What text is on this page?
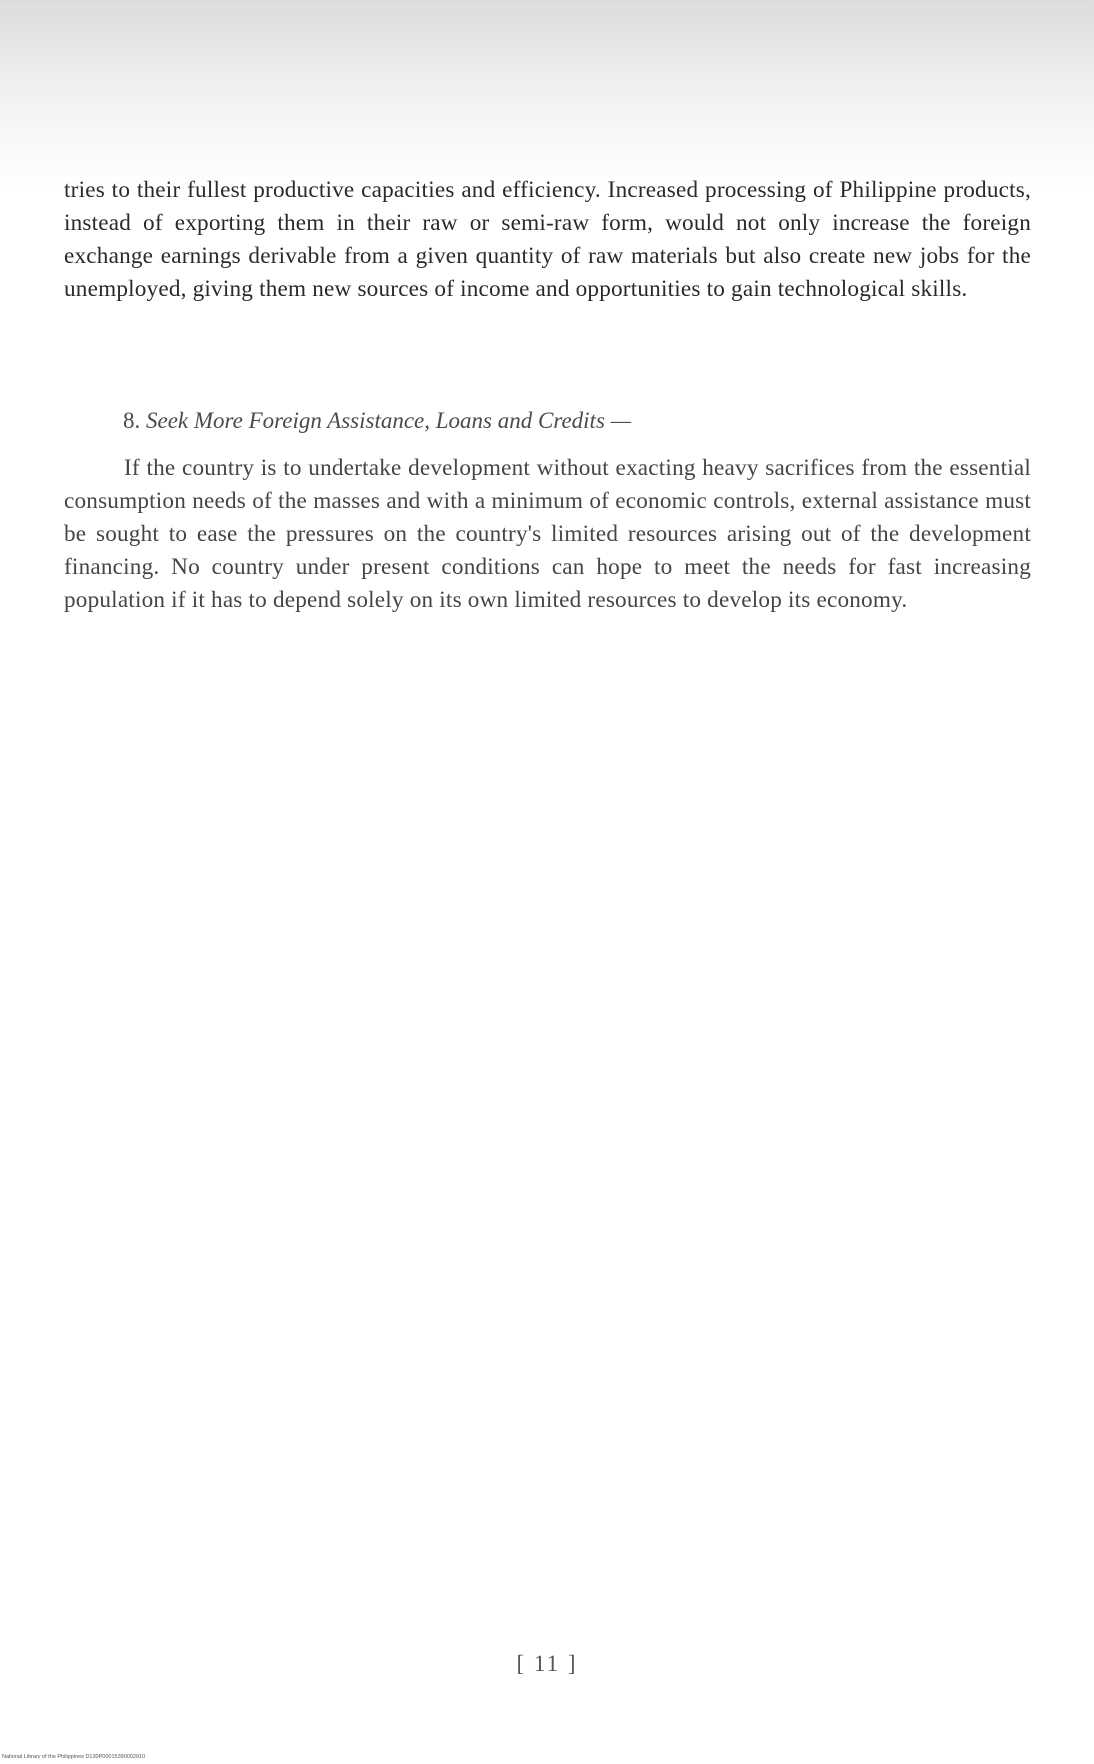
tries to their fullest productive capacities and efficiency. Increased processing of Philippine products, instead of exporting them in their raw or semi-raw form, would not only increase the foreign exchange earnings derivable from a given quantity of raw materials but also create new jobs for the unemployed, giving them new sources of income and opportunities to gain technological skills.

8. Seek More Foreign Assistance, Loans and Credits —

If the country is to undertake development without exacting heavy sacrifices from the essential consumption needs of the masses and with a minimum of economic controls, external assistance must be sought to ease the pressures on the country's limited resources arising out of the development financing. No country under present conditions can hope to meet the needs for fast increasing population if it has to depend solely on its own limited resources to develop its economy.

[ 11 ]
National Library of the Philippines D130P00015390002910
